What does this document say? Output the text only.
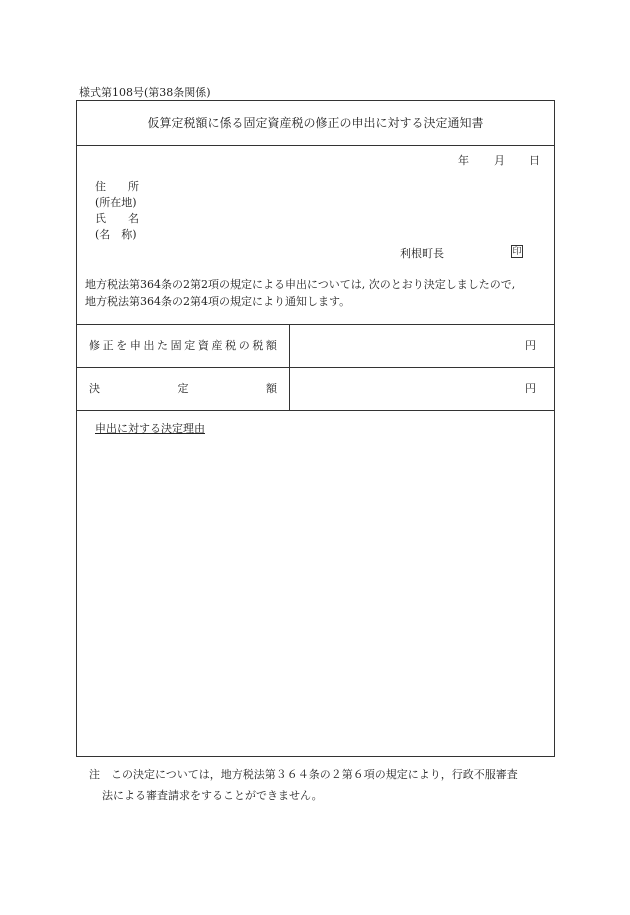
様式第108号(第38条関係)
仮算定税額に係る固定資産税の修正の申出に対する決定通知書
年 月 日
住　　所
(所在地)
氏　　名
(名　称)
利根町長	印

地方税法第364条の2第2項の規定による申出については, 次のとおり決定しましたので,

地方税法第364条の2第4項の規定により通知します。

修 正 を 申 出 た 固 定 資 産 税 の 税 額	円
決	定	額	円
申出に対する決定理由
注　この決定については，地方税法第３６４条の２第６項の規定により，行政不服審査
法による審査請求をすることができません。
